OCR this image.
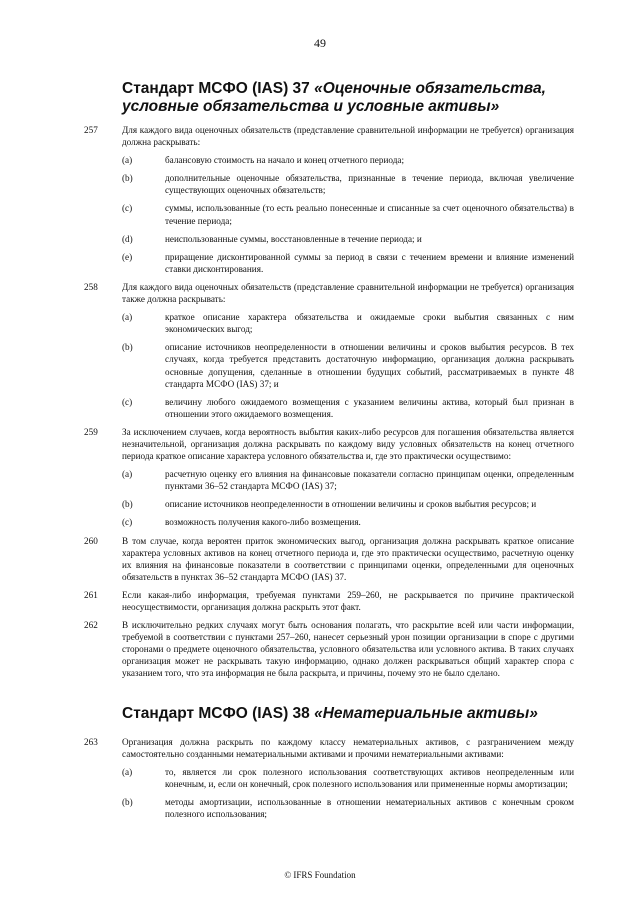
49
Стандарт МСФО (IAS) 37 «Оценочные обязательства, условные обязательства и условные активы»
257	Для каждого вида оценочных обязательств (представление сравнительной информации не требуется) организация должна раскрывать:
(a)	балансовую стоимость на начало и конец отчетного периода;
(b)	дополнительные оценочные обязательства, признанные в течение периода, включая увеличение существующих оценочных обязательств;
(c)	суммы, использованные (то есть реально понесенные и списанные за счет оценочного обязательства) в течение периода;
(d)	неиспользованные суммы, восстановленные в течение периода; и
(e)	приращение дисконтированной суммы за период в связи с течением времени и влияние изменений ставки дисконтирования.
258	Для каждого вида оценочных обязательств (представление сравнительной информации не требуется) организация также должна раскрывать:
(a)	краткое описание характера обязательства и ожидаемые сроки выбытия связанных с ним экономических выгод;
(b)	описание источников неопределенности в отношении величины и сроков выбытия ресурсов. В тех случаях, когда требуется представить достаточную информацию, организация должна раскрывать основные допущения, сделанные в отношении будущих событий, рассматриваемых в пункте 48 стандарта МСФО (IAS) 37; и
(c)	величину любого ожидаемого возмещения с указанием величины актива, который был признан в отношении этого ожидаемого возмещения.
259	За исключением случаев, когда вероятность выбытия каких-либо ресурсов для погашения обязательства является незначительной, организация должна раскрывать по каждому виду условных обязательств на конец отчетного периода краткое описание характера условного обязательства и, где это практически осуществимо:
(a)	расчетную оценку его влияния на финансовые показатели согласно принципам оценки, определенным пунктами 36–52 стандарта МСФО (IAS) 37;
(b)	описание источников неопределенности в отношении величины и сроков выбытия ресурсов; и
(c)	возможность получения какого-либо возмещения.
260	В том случае, когда вероятен приток экономических выгод, организация должна раскрывать краткое описание характера условных активов на конец отчетного периода и, где это практически осуществимо, расчетную оценку их влияния на финансовые показатели в соответствии с принципами оценки, определенными для оценочных обязательств в пунктах 36–52 стандарта МСФО (IAS) 37.
261	Если какая-либо информация, требуемая пунктами 259–260, не раскрывается по причине практической неосуществимости, организация должна раскрыть этот факт.
262	В исключительно редких случаях могут быть основания полагать, что раскрытие всей или части информации, требуемой в соответствии с пунктами 257–260, нанесет серьезный урон позиции организации в споре с другими сторонами о предмете оценочного обязательства, условного обязательства или условного актива. В таких случаях организация может не раскрывать такую информацию, однако должен раскрываться общий характер спора с указанием того, что эта информация не была раскрыта, и причины, почему это не было сделано.
Стандарт МСФО (IAS) 38 «Нематериальные активы»
263	Организация должна раскрыть по каждому классу нематериальных активов, с разграничением между самостоятельно созданными нематериальными активами и прочими нематериальными активами:
(a)	то, является ли срок полезного использования соответствующих активов неопределенным или конечным, и, если он конечный, срок полезного использования или примененные нормы амортизации;
(b)	методы амортизации, использованные в отношении нематериальных активов с конечным сроком полезного использования;
© IFRS Foundation
